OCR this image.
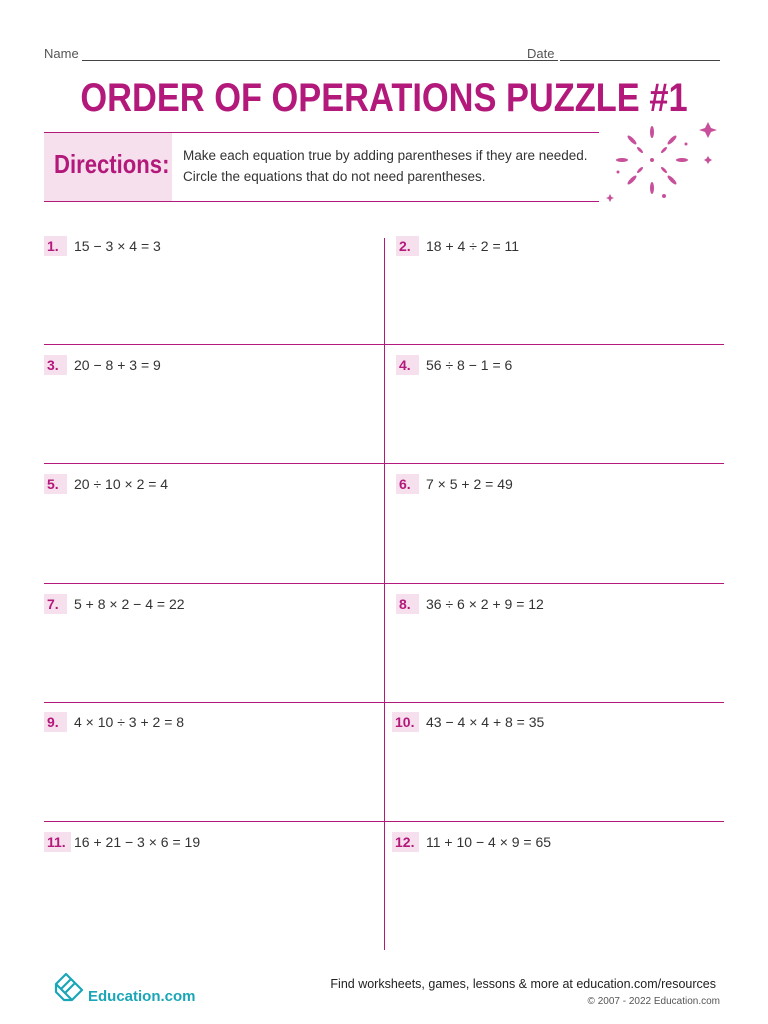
Name	Date
ORDER OF OPERATIONS PUZZLE #1
Directions: Make each equation true by adding parentheses if they are needed.
Circle the equations that do not need parentheses.
1.	15 − 3 × 4 = 3	2.	18 + 4 ÷ 2 = 11
3.	20 − 8 + 3 = 9	4.	56 ÷ 8 − 1 = 6
5.	20 ÷ 10 × 2 = 4	6.	7 × 5 + 2 = 49
7.	5 + 8 × 2 − 4 = 22	8.	36 ÷ 6 × 2 + 9 = 12
9.	4 × 10 ÷ 3 + 2 = 8	10. 43 − 4 × 4 + 8 = 35
11. 16 + 21 − 3 × 6 = 19	12. 11 + 10 − 4 × 9 = 65
Education.com
Find worksheets, games, lessons & more at education.com/resources
© 2007 - 2022 Education.com
